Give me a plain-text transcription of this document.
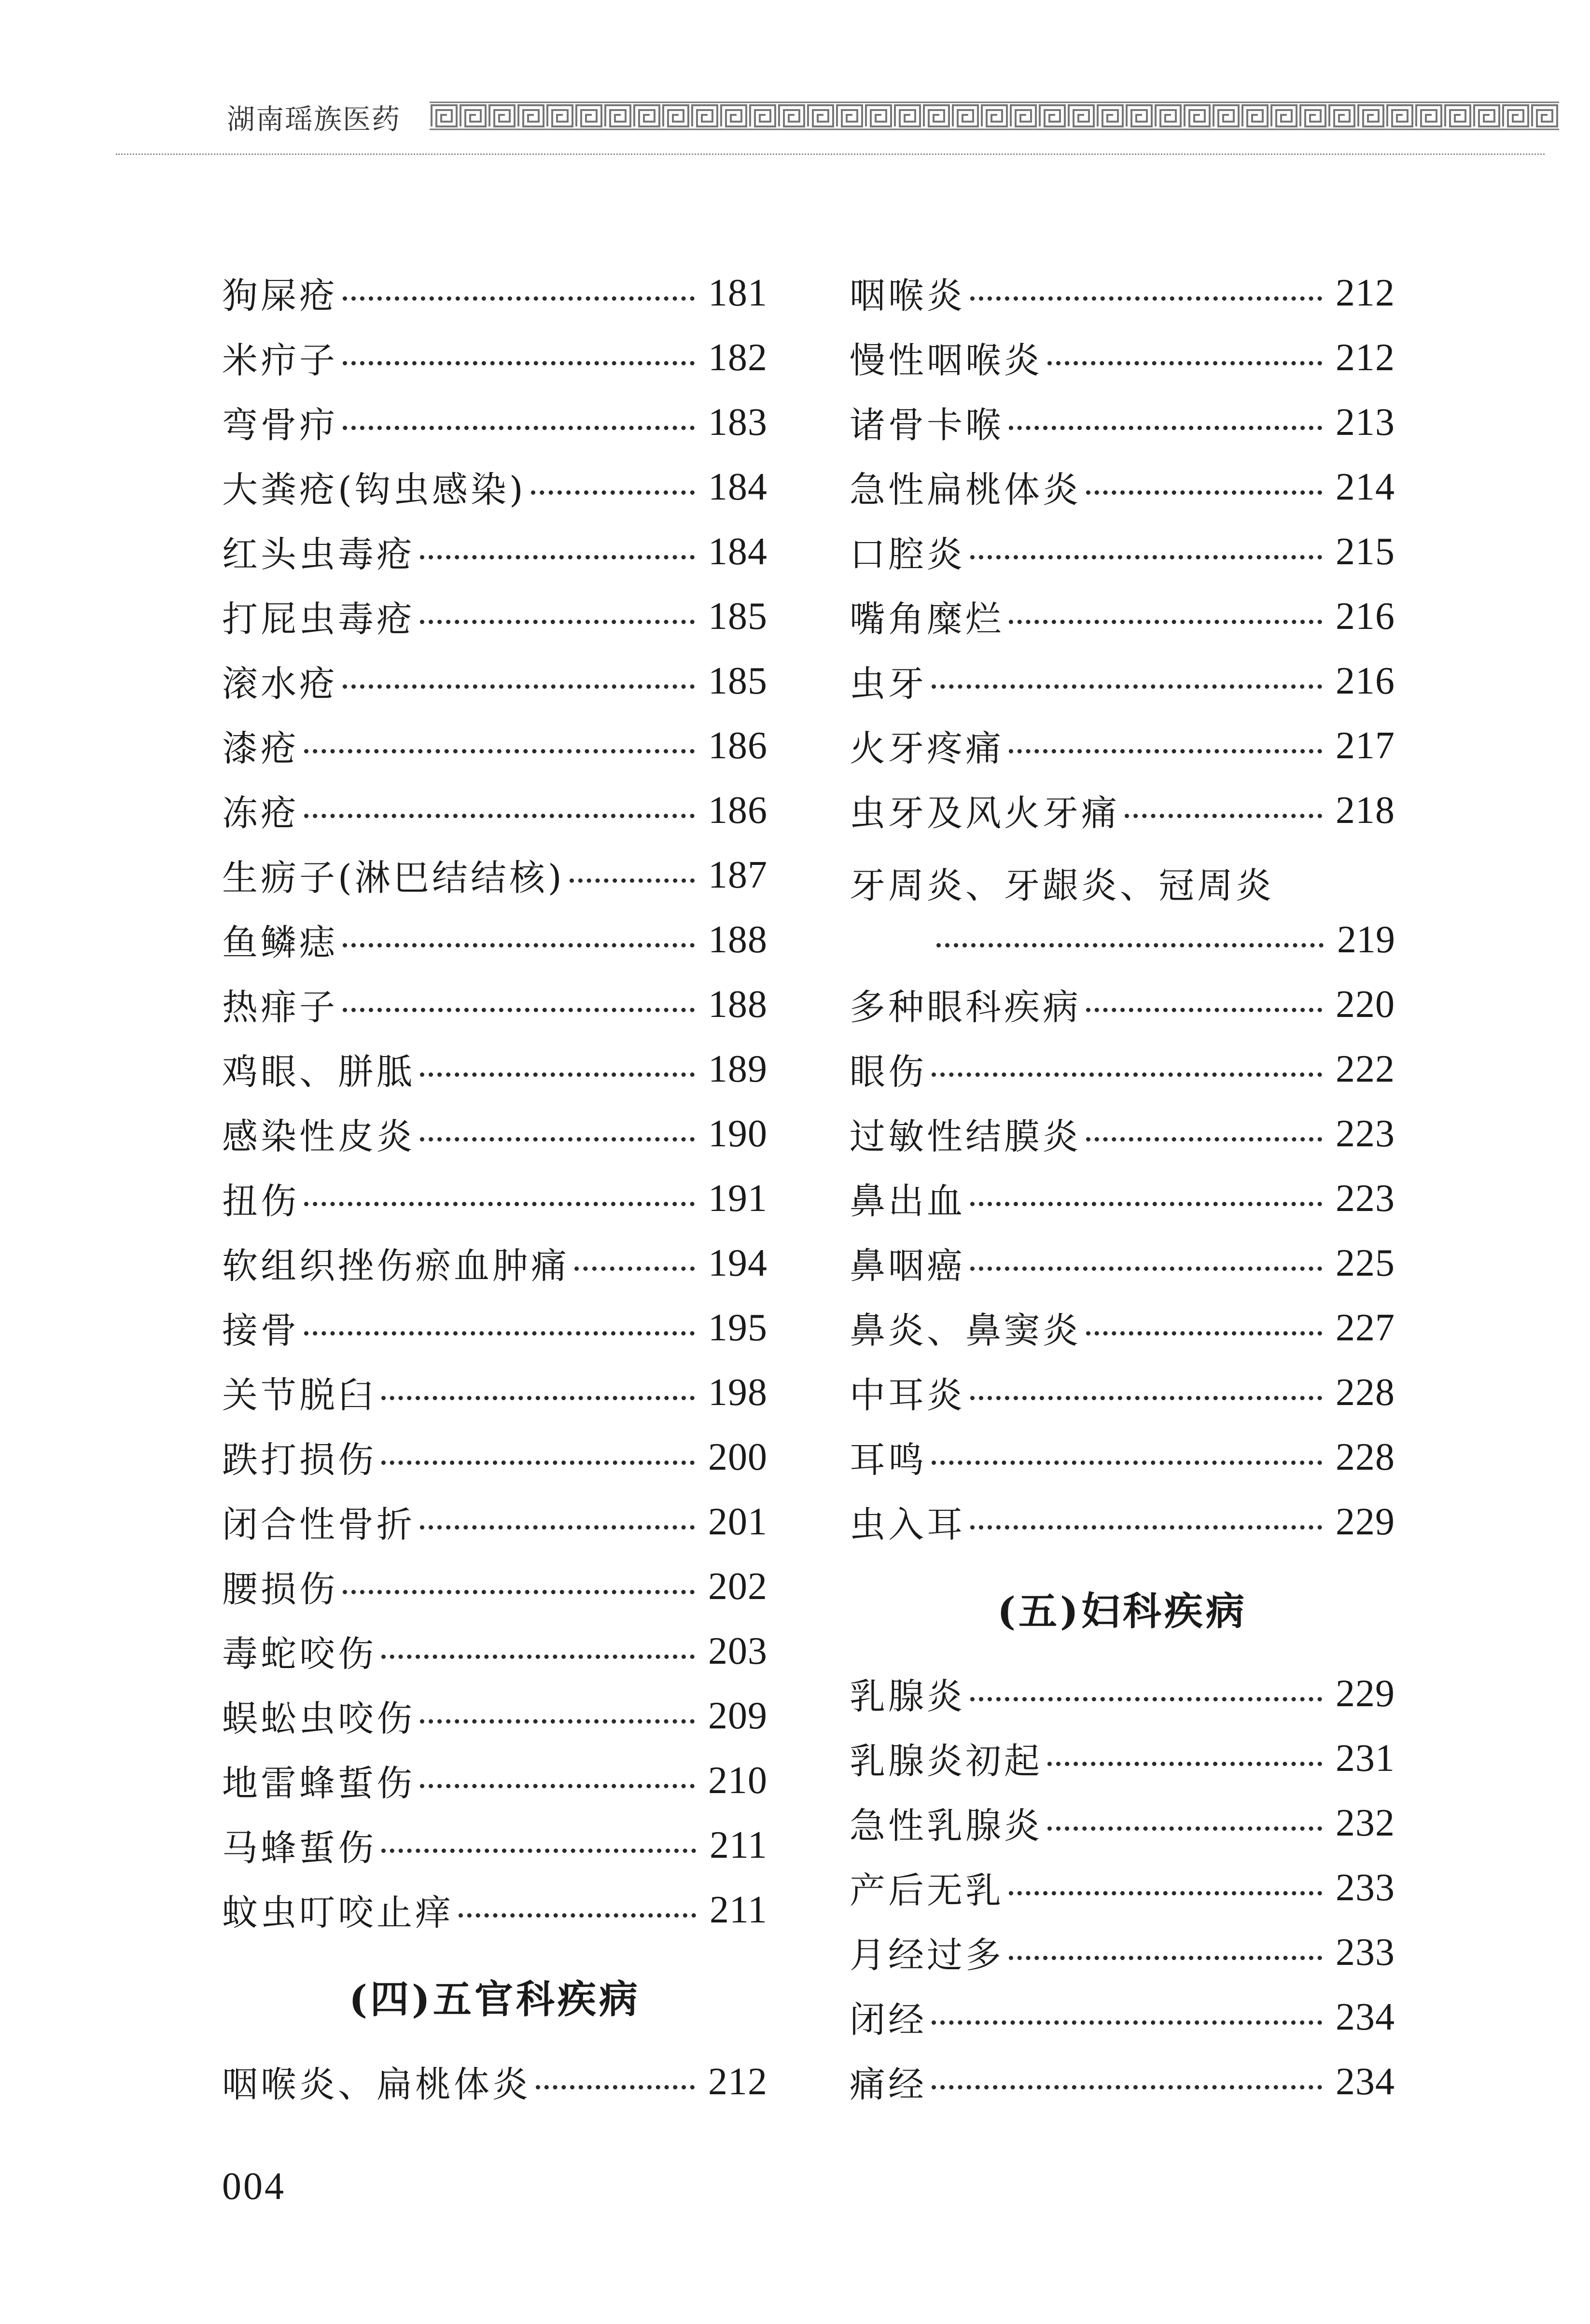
湖南瑶族医药
狗屎疮	181
米疖子	182
弯骨疖	183
大粪疮(钩虫感染)	184
红头虫毒疮	184
打屁虫毒疮	185
滚水疮	185
漆疮	186
冻疮	186
生疬子(淋巴结结核)	187
鱼鳞痣	188
热痱子	188
鸡眼、胼胝	189
感染性皮炎	190
扭伤	191
软组织挫伤瘀血肿痛	194
接骨	195
关节脱臼	198
跌打损伤	200
闭合性骨折	201
腰损伤	202
毒蛇咬伤	203
蜈蚣虫咬伤	209
地雷蜂蜇伤	210
马蜂蜇伤	211
蚊虫叮咬止痒	211
(四)五官科疾病
咽喉炎、扁桃体炎	212
咽喉炎	212
慢性咽喉炎	212
诸骨卡喉	213
急性扁桃体炎	214
口腔炎	215
嘴角糜烂	216
虫牙	216
火牙疼痛	217
虫牙及风火牙痛	218
牙周炎、牙龈炎、冠周炎
219
多种眼科疾病	220
眼伤	222
过敏性结膜炎	223
鼻出血	223
鼻咽癌	225
鼻炎、鼻窦炎	227
中耳炎	228
耳鸣	228
虫入耳	229
(五)妇科疾病
乳腺炎	229
乳腺炎初起	231
急性乳腺炎	232
产后无乳	233
月经过多	233
闭经	234
痛经	234
004
